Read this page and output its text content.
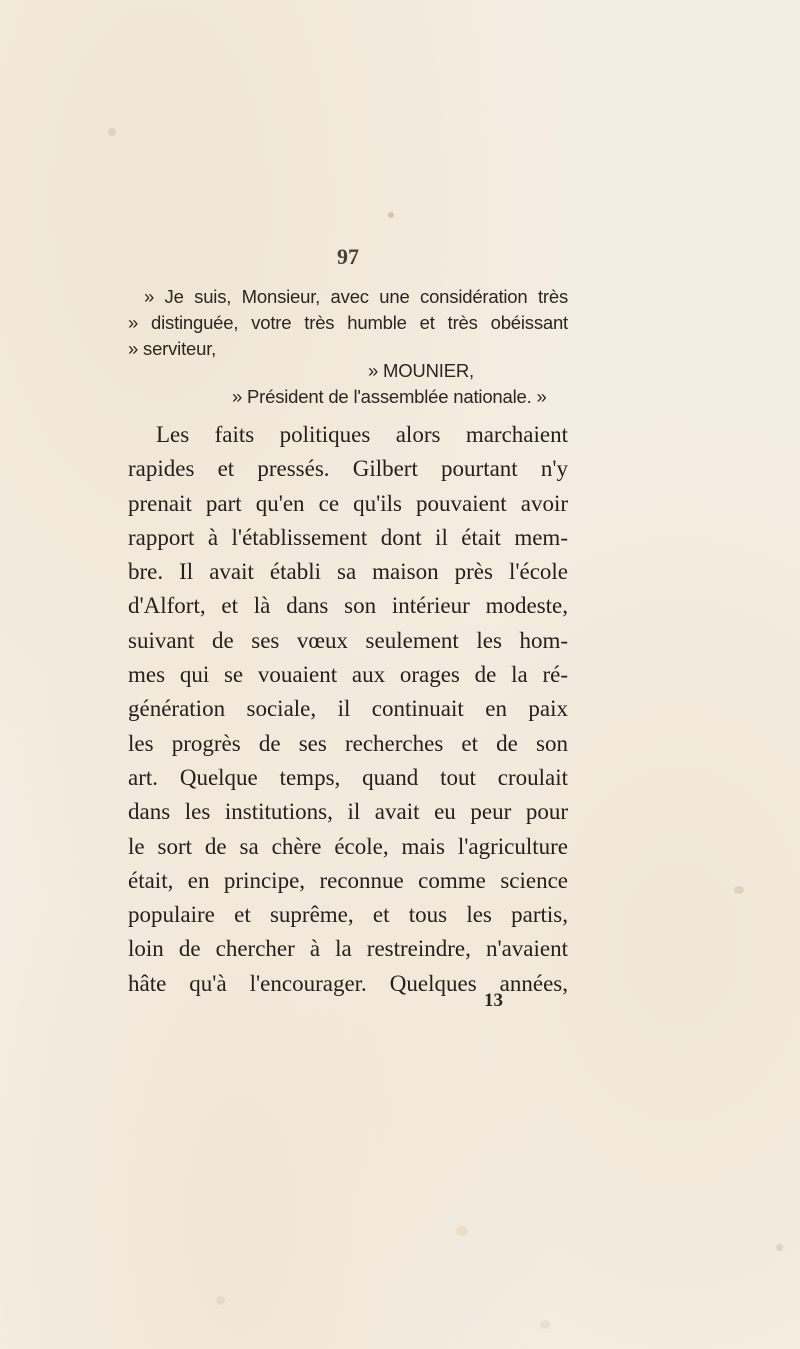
97
» Je suis, Monsieur, avec une considération très
» distinguée, votre très humble et très obéissant
» serviteur,
» MOUNIER,
» Président de l'assemblée nationale. »
Les faits politiques alors marchaient
rapides et pressés. Gilbert pourtant n'y
prenait part qu'en ce qu'ils pouvaient avoir
rapport à l'établissement dont il était mem-
bre. Il avait établi sa maison près l'école
d'Alfort, et là dans son intérieur modeste,
suivant de ses vœux seulement les hom-
mes qui se vouaient aux orages de la ré-
génération sociale, il continuait en paix
les progrès de ses recherches et de son
art. Quelque temps, quand tout croulait
dans les institutions, il avait eu peur pour
le sort de sa chère école, mais l'agriculture
était, en principe, reconnue comme science
populaire et suprême, et tous les partis,
loin de chercher à la restreindre, n'avaient
hâte qu'à l'encourager. Quelques années,
13
